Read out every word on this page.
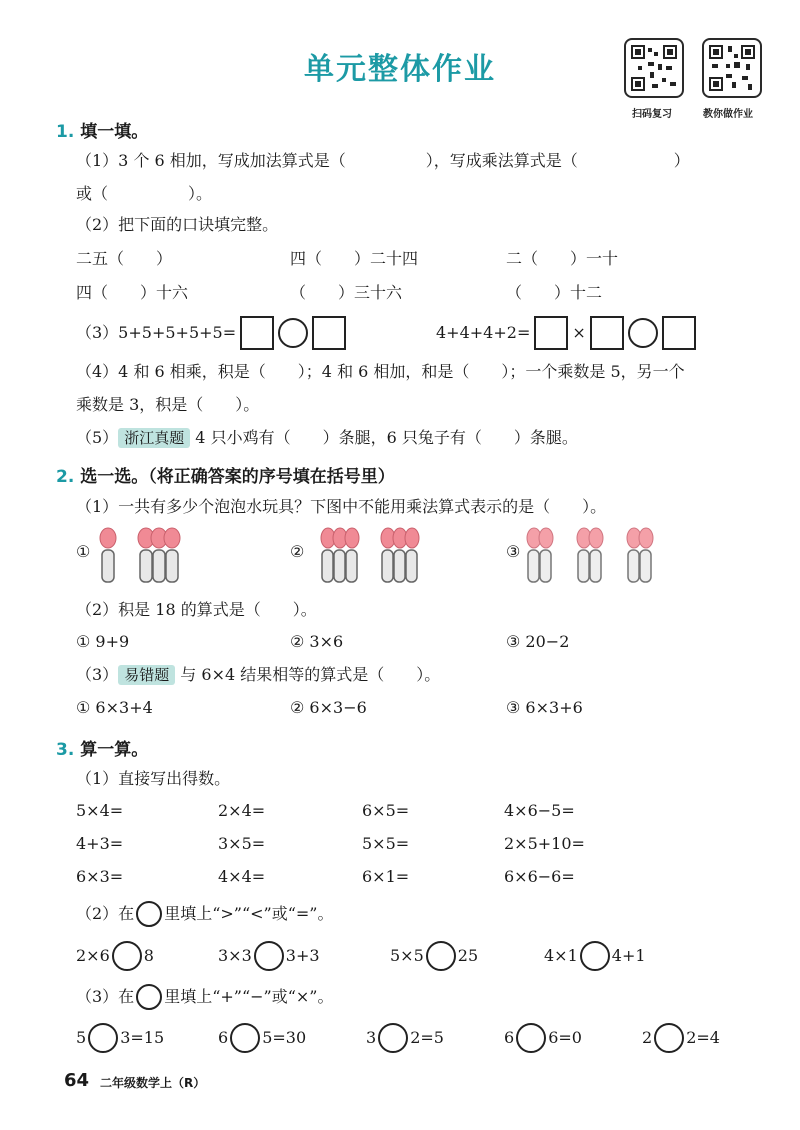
单元整体作业
扫码复习	教你做作业
1. 填一填。
（1）3 个 6 相加，写成加法算式是（　　　　　），写成乘法算式是（　　　　　　）
或（　　　　　）。
（2）把下面的口诀填完整。
二五（　　）	四（　　）二十四	二（　　）一十
四（　　）十六	（　　）三十六	（　　）十二
（3）5+5+5+5+5=	4+4+4+2=	×
（4）4 和 6 相乘，积是（　　）；4 和 6 相加，和是（　　）；一个乘数是 5，另一个
乘数是 3，积是（　　）。
（5） 浙江真题 4 只小鸡有（　　）条腿，6 只兔子有（　　）条腿。
2. 选一选。（将正确答案的序号填在括号里）
（1）一共有多少个泡泡水玩具？下图中不能用乘法算式表示的是（　　）。
①	②	③
（2）积是 18 的算式是（　　）。
① 9+9	② 3×6	③ 20−2
（3） 易错题 与 6×4 结果相等的算式是（　　）。
① 6×3+4	② 6×3−6	③ 6×3+6
3. 算一算。
（1）直接写出得数。
5×4=	2×4=	6×5=	4×6−5=
4+3=	3×5=	5×5=	2×5+10=
6×3=	4×4=	6×1=	6×6−6=
（2）在 里填上“>”“<”或“=”。
2×6 8	3×3 3+3	5×5 25	4×1 4+1
（3）在 里填上“+”“−”或“×”。
5 3=15	6 5=30	3 2=5	6 6=0	2 2=4
64 二年级数学上（R）
